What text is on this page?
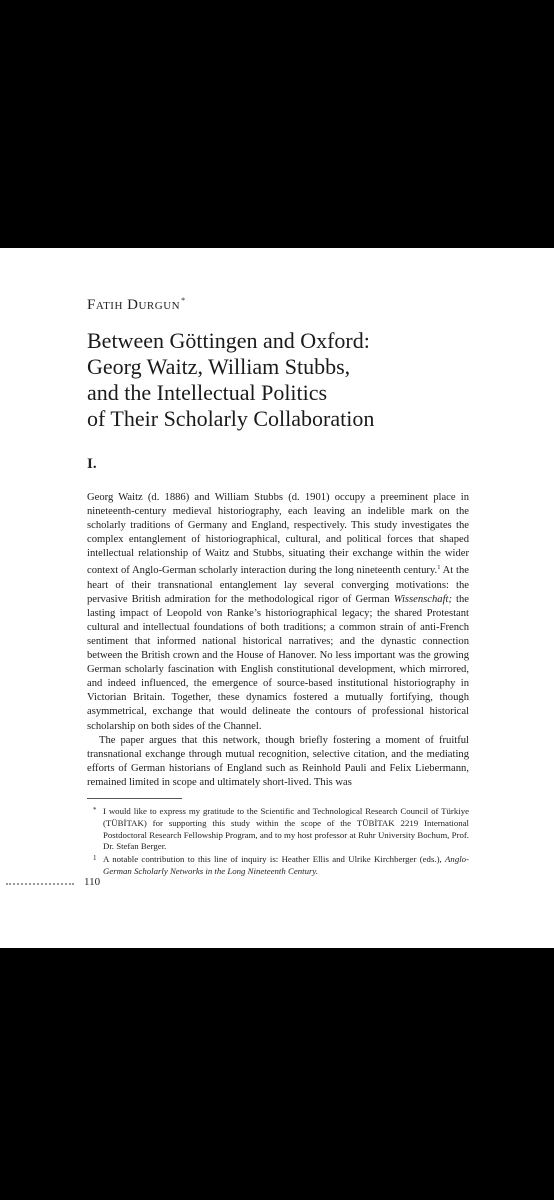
Fatih Durgun*
Between Göttingen and Oxford:
Georg Waitz, William Stubbs,
and the Intellectual Politics
of Their Scholarly Collaboration
I.

Georg Waitz (d. 1886) and William Stubbs (d. 1901) occupy a preeminent place in nineteenth-century medieval historiography, each leaving an indelible mark on the scholarly traditions of Germany and England, respectively. This study investigates the complex entanglement of historiographical, cultural, and political forces that shaped intellectual relationship of Waitz and Stubbs, situating their exchange within the wider context of Anglo-German scholarly interaction during the long nineteenth century.$^1$ At the heart of their transnational entanglement lay several converging motivations: the pervasive British admiration for the methodological rigor of German Wissenschaft; the lasting impact of Leopold von Ranke’s historiographical legacy; the shared Protestant cultural and intellectual foundations of both traditions; a common strain of anti-French sentiment that informed national historical narratives; and the dynastic connection between the British crown and the House of Hanover. No less important was the growing German scholarly fascination with English constitutional development, which mirrored, and indeed influenced, the emergence of source-based institutional historiography in Victorian Britain. Together, these dynamics fostered a mutually fortifying, though asymmetrical, exchange that would delineate the contours of professional historical scholarship on both sides of the Channel.

The paper argues that this network, though briefly fostering a moment of fruitful transnational exchange through mutual recognition, selective citation, and the mediating efforts of German historians of England such as Reinhold Pauli and Felix Liebermann, remained limited in scope and ultimately short-lived. This was

* I would like to express my gratitude to the Scientific and Technological Research Council of Türkiye (TÜBİTAK) for supporting this study within the scope of the TÜBİTAK 2219 International Postdoctoral Research Fellowship Program, and to my host professor at Ruhr University Bochum, Prof. Dr. Stefan Berger.
1 A notable contribution to this line of inquiry is: Heather Ellis and Ulrike Kirchberger (eds.), Anglo-German Scholarly Networks in the Long Nineteenth Century.
110
